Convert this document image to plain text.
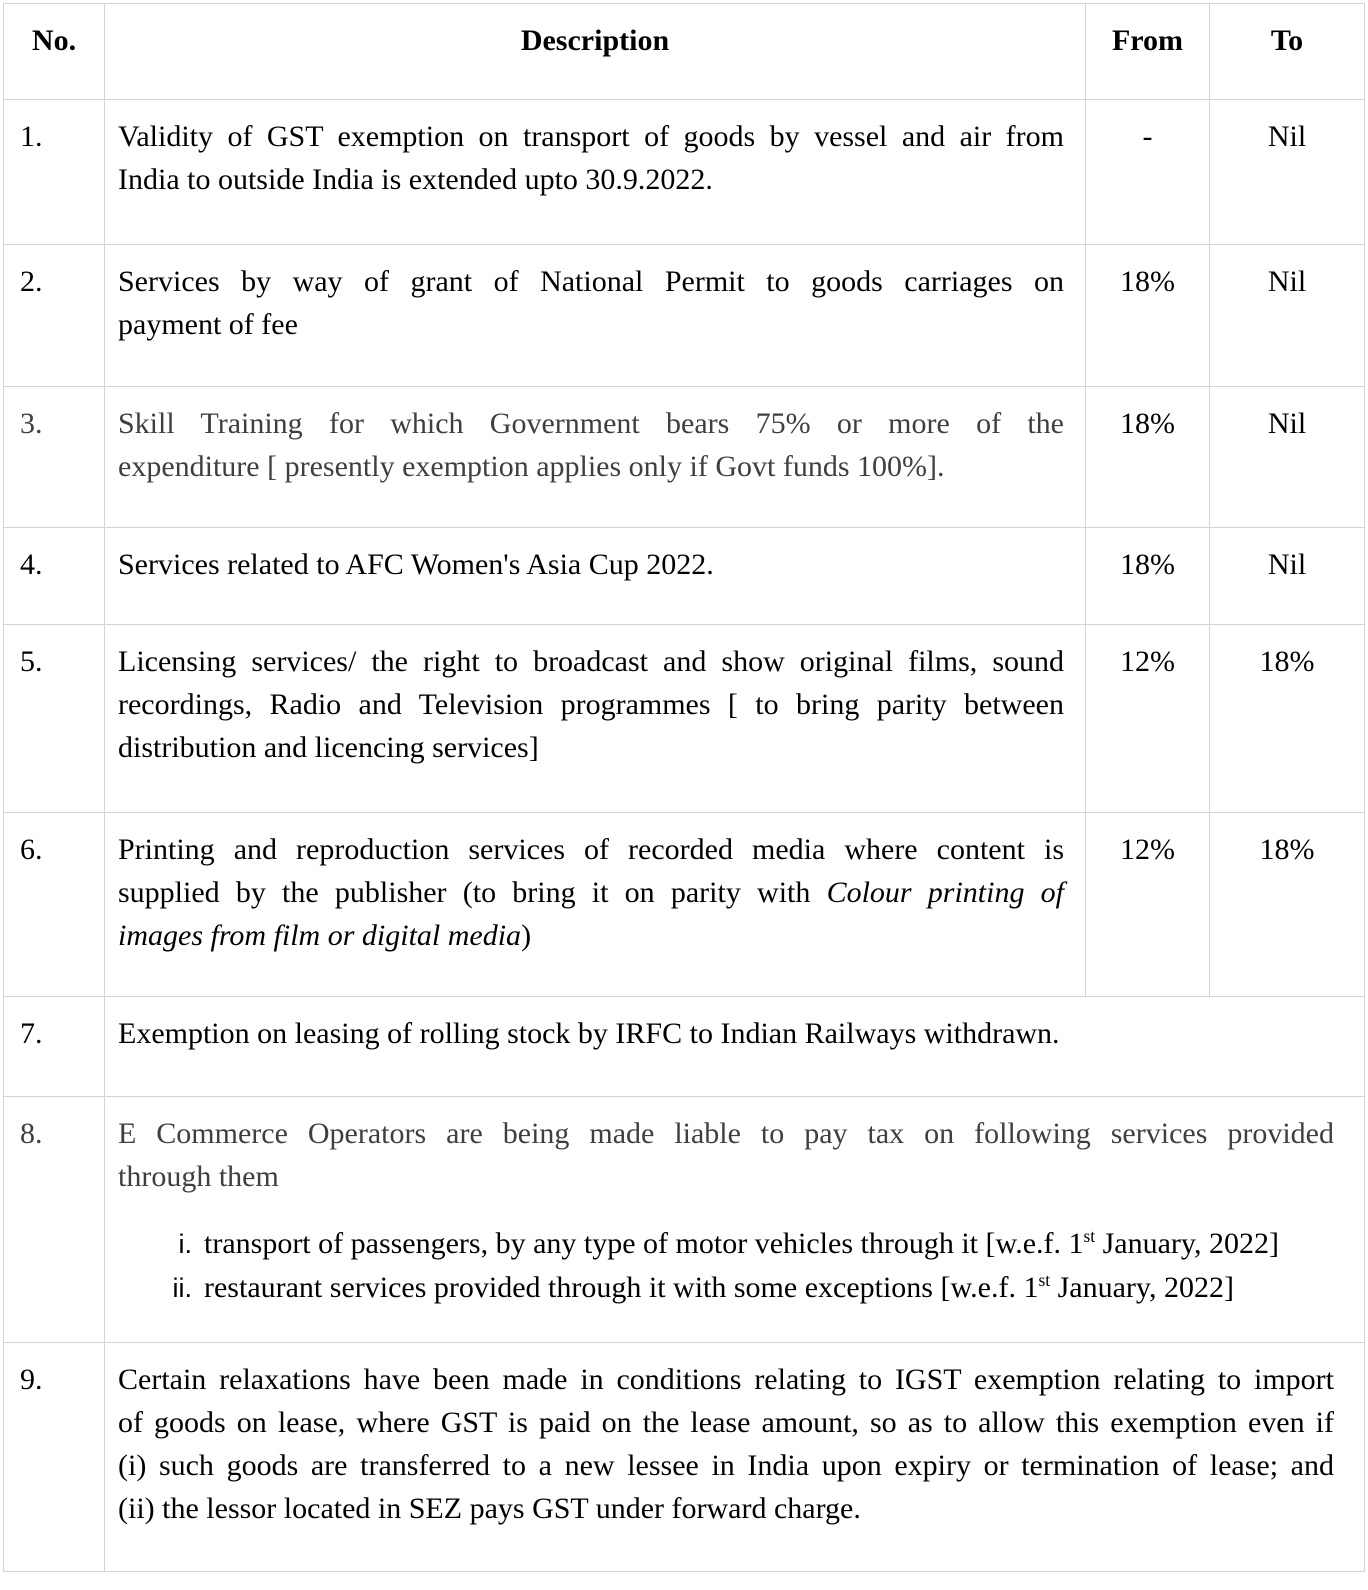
No.	Description	From	To
1.	Validity of GST exemption on transport of goods by vessel and air from
India to outside India is extended upto 30.9.2022.	-	Nil
2.	Services by way of grant of National Permit to goods carriages on
payment of fee	18%	Nil
3.	Skill Training for which Government bears 75% or more of the
expenditure [ presently exemption applies only if Govt funds 100%].	18%	Nil
4.	Services related to AFC Women's Asia Cup 2022.	18%	Nil
5.	Licensing services/ the right to broadcast and show original films, sound
recordings, Radio and Television programmes [ to bring parity between
distribution and licencing services]	12%	18%
6.	Printing and reproduction services of recorded media where content is
supplied by the publisher (to bring it on parity with Colour printing of
images from film or digital media)	12%	18%
7.	Exemption on leasing of rolling stock by IRFC to Indian Railways withdrawn.		

8.	E Commerce Operators are being made liable to pay tax on following services provided
through them
i. transport of passengers, by any type of motor vehicles through it [w.e.f. 1st January, 2022]
ii. restaurant services provided through it with some exceptions [w.e.f. 1st January, 2022]

9.	Certain relaxations have been made in conditions relating to IGST exemption relating to import
of goods on lease, where GST is paid on the lease amount, so as to allow this exemption even if
(i) such goods are transferred to a new lessee in India upon expiry or termination of lease; and
(ii) the lessor located in SEZ pays GST under forward charge.		
